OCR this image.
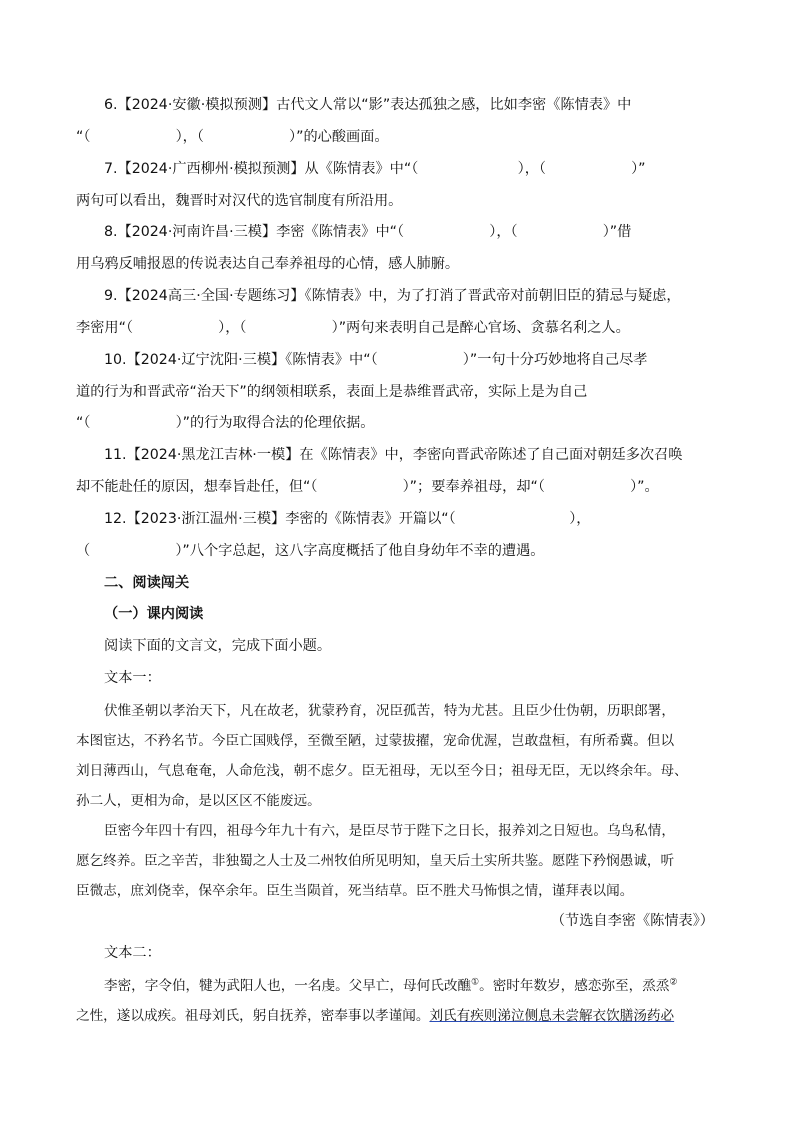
6.【2024·安徽·模拟预测】古代文人常以“影”表达孤独之感，比如李密《陈情表》中
“（　　　　　　），（　　　　　　）”的心酸画面。
7.【2024·广西柳州·模拟预测】从《陈情表》中“（　　　　　　　），（　　　　　　）”
两句可以看出，魏晋时对汉代的选官制度有所沿用。
8.【2024·河南许昌·三模】李密《陈情表》中“（　　　　　　），（　　　　　　）”借
用乌鸦反哺报恩的传说表达自己奉养祖母的心情，感人肺腑。
9.【2024高三·全国·专题练习】《陈情表》中，为了打消了晋武帝对前朝旧臣的猜忌与疑虑，
李密用“（　　　　　　），（　　　　　　）”两句来表明自己是醉心官场、贪慕名利之人。
10.【2024·辽宁沈阳·三模】《陈情表》中“（　　　　　　）”一句十分巧妙地将自己尽孝
道的行为和晋武帝“治天下”的纲领相联系，表面上是恭维晋武帝，实际上是为自己
“（　　　　　　）”的行为取得合法的伦理依据。
11.【2024·黑龙江吉林·一模】在《陈情表》中，李密向晋武帝陈述了自己面对朝廷多次召唤
却不能赴任的原因，想奉旨赴任，但“（　　　　　　）”；要奉养祖母，却“（　　　　　　）”。
12.【2023·浙江温州·三模】李密的《陈情表》开篇以“（　　　　　　　　），
（　　　　　　）”八个字总起，这八字高度概括了他自身幼年不幸的遭遇。
二、阅读闯关
（一）课内阅读
阅读下面的文言文，完成下面小题。
文本一：
伏惟圣朝以孝治天下，凡在故老，犹蒙矜育，况臣孤苦，特为尤甚。且臣少仕伪朝，历职郎署，
本图宦达，不矜名节。今臣亡国贱俘，至微至陋，过蒙拔擢，宠命优渥，岂敢盘桓，有所希冀。但以
刘日薄西山，气息奄奄，人命危浅，朝不虑夕。臣无祖母，无以至今日；祖母无臣，无以终余年。母、
孙二人，更相为命，是以区区不能废远。
臣密今年四十有四，祖母今年九十有六，是臣尽节于陛下之日长，报养刘之日短也。乌鸟私情，
愿乞终养。臣之辛苦，非独蜀之人士及二州牧伯所见明知，皇天后土实所共鉴。愿陛下矜悯愚诚，听
臣微志，庶刘侥幸，保卒余年。臣生当陨首，死当结草。臣不胜犬马怖惧之情，谨拜表以闻。
（节选自李密《陈情表》）
文本二：
李密，字令伯，犍为武阳人也，一名虔。父早亡，母何氏改醮①。密时年数岁，感恋弥至，烝烝②
之性，遂以成疾。祖母刘氏，躬自抚养，密奉事以孝谨闻。刘氏有疾则涕泣侧息未尝解衣饮膳汤药必
